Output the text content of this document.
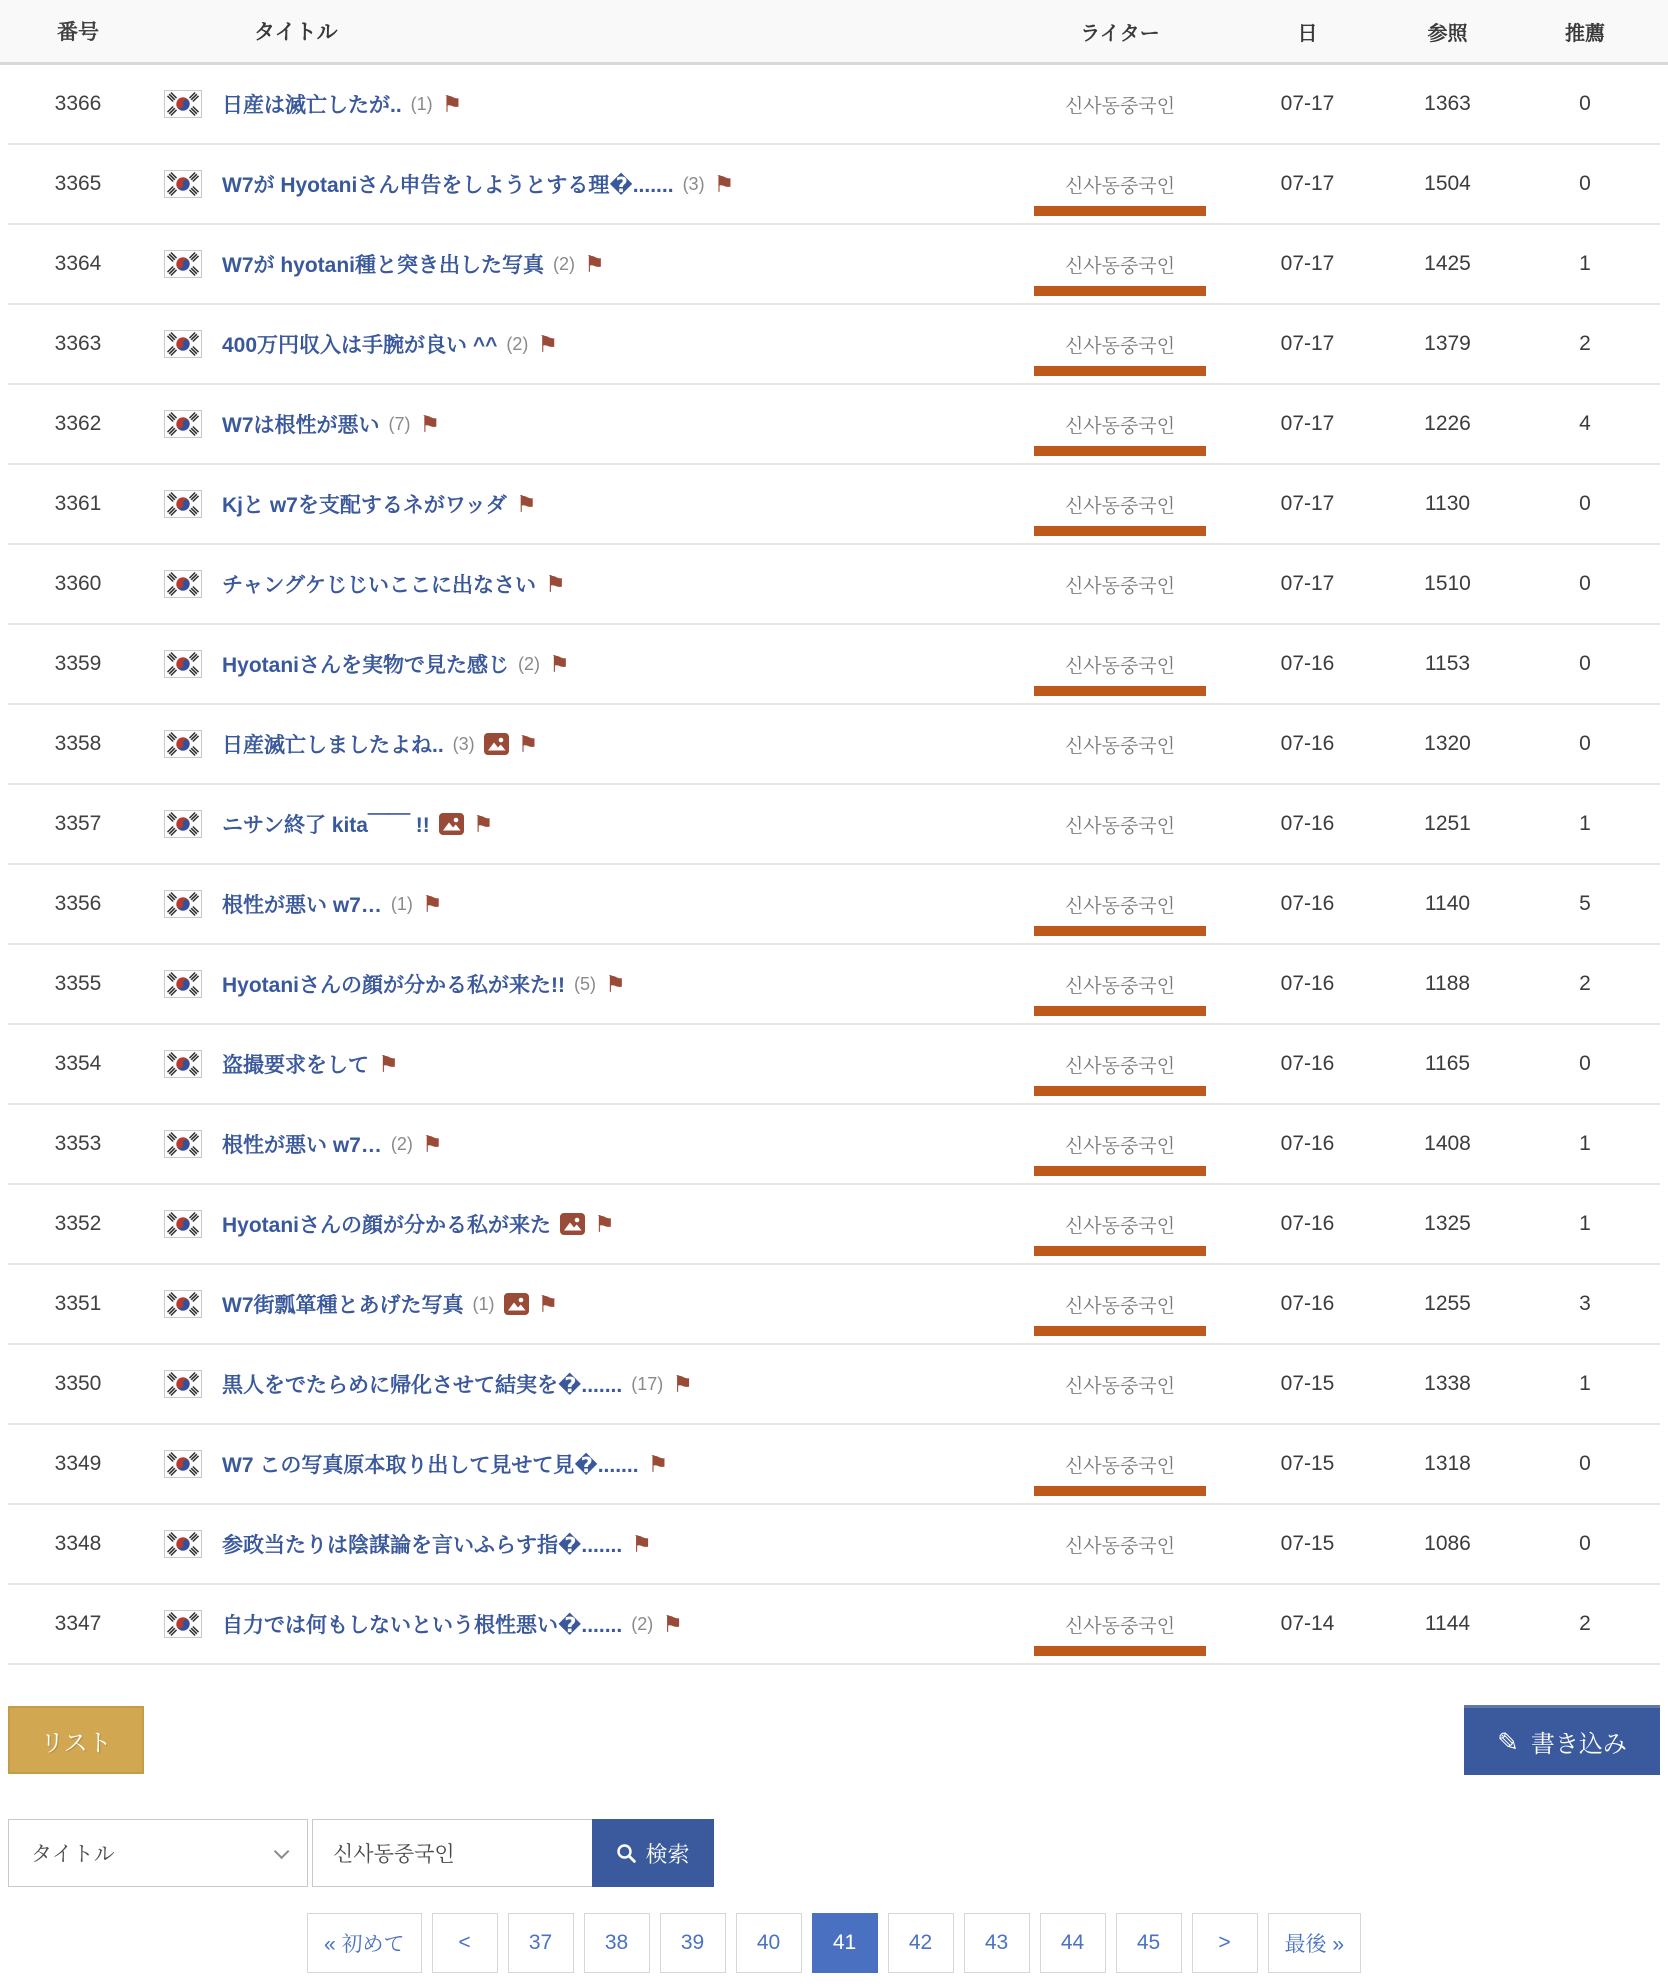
番号	タイトル	ライター	日	参照	推薦
3366	日産は滅亡したが.. (1) ⚑	신사동중국인	07-17	1363	0
3365	W7が Hyotaniさん申告をしようとする理�....... (3) ⚑	신사동중국인	07-17	1504	0
3364	W7が hyotani種と突き出した写真 (2) ⚑	신사동중국인	07-17	1425	1
3363	400万円収入は手腕が良い ^^ (2) ⚑	신사동중국인	07-17	1379	2
3362	W7は根性が悪い (7) ⚑	신사동중국인	07-17	1226	4
3361	Kjと w7を支配するネがワッダ ⚑	신사동중국인	07-17	1130	0
3360	チャングケじじいここに出なさい ⚑	신사동중국인	07-17	1510	0
3359	Hyotaniさんを実物で見た感じ (2) ⚑	신사동중국인	07-16	1153	0
3358	日産滅亡しましたよね.. (3) ⚑	신사동중국인	07-16	1320	0
3357	ニサン終了 kita￣￣ !! ⚑	신사동중국인	07-16	1251	1
3356	根性が悪い w7… (1) ⚑	신사동중국인	07-16	1140	5
3355	Hyotaniさんの顔が分かる私が来た!! (5) ⚑	신사동중국인	07-16	1188	2
3354	盗撮要求をして ⚑	신사동중국인	07-16	1165	0
3353	根性が悪い w7… (2) ⚑	신사동중국인	07-16	1408	1
3352	Hyotaniさんの顔が分かる私が来た ⚑	신사동중국인	07-16	1325	1
3351	W7街瓢箪種とあげた写真 (1) ⚑	신사동중국인	07-16	1255	3
3350	黒人をでたらめに帰化させて結実を�....... (17) ⚑	신사동중국인	07-15	1338	1
3349	W7 この写真原本取り出して見せて見�....... ⚑	신사동중국인	07-15	1318	0
3348	参政当たりは陰謀論を言いふらす指�....... ⚑	신사동중국인	07-15	1086	0
3347	自力では何もしないという根性悪い�....... (2) ⚑	신사동중국인	07-14	1144	2
リスト	✎ 書き込み
タイトル
신사동중국인	検索
« 初めて	<	37	38	39	40	41	42	43	44	45	>	最後 »
